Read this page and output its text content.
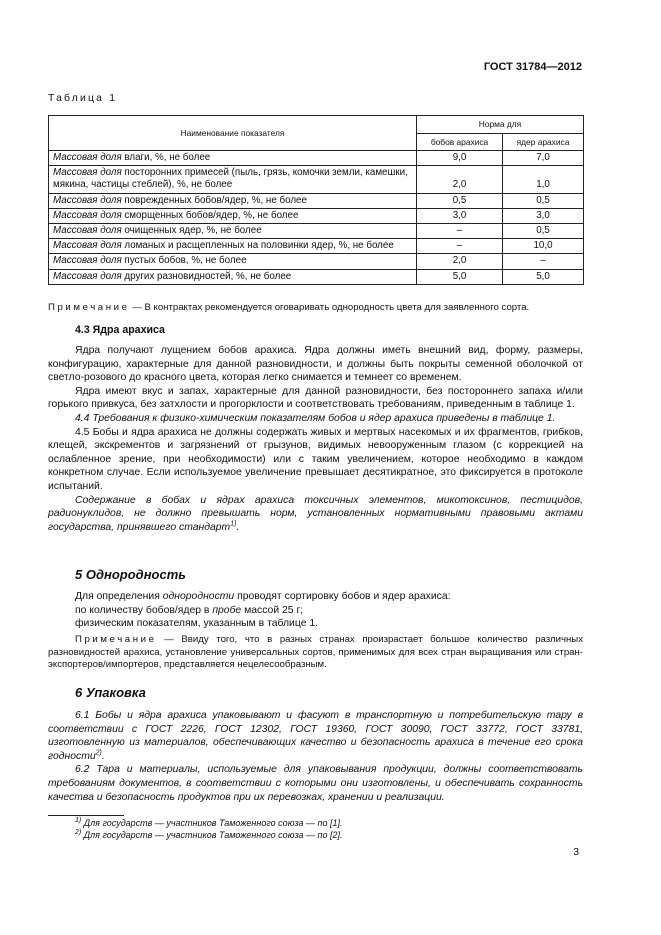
ГОСТ 31784—2012
Таблица 1
Наименование показателя	Норма для	
	бобов арахиса	ядер арахиса
Массовая доля влаги, %, не более	9,0	7,0
Массовая доля посторонних примесей (пыль, грязь, комочки земли, камешки, мякина, частицы стеблей), %, не более	2,0	1,0
Массовая доля поврежденных бобов/ядер, %, не более	0,5	0,5
Массовая доля сморщенных бобов/ядер, %, не более	3,0	3,0
Массовая доля очищенных ядер, %, не более	–	0,5
Массовая доля ломаных и расщепленных на половинки ядер, %, не более	–	10,0
Массовая доля пустых бобов, %, не более	2,0	–
Массовая доля других разновидностей, %, не более	5,0	5,0
Примечание — В контрактах рекомендуется оговаривать однородность цвета для заявленного сорта.
4.3 Ядра арахиса

Ядра получают лущением бобов арахиса. Ядра должны иметь внешний вид, форму, размеры, конфигурацию, характерные для данной разновидности, и должны быть покрыты семенной оболочкой от светло-розового до красного цвета, которая легко снимается и темнеет со временем.

Ядра имеют вкус и запах, характерные для данной разновидности, без постороннего запаха и/или горького привкуса, без затхлости и прогорклости и соответствовать требованиям, приведенным в таблице 1.

4.4 Требования к физико-химическим показателям бобов и ядер арахиса приведены в таблице 1.

4.5 Бобы и ядра арахиса не должны содержать живых и мертвых насекомых и их фрагментов, грибков, клещей, экскрементов и загрязнений от грызунов, видимых невооруженным глазом (с коррекцией на ослабленное зрение, при необходимости) или с таким увеличением, которое необходимо в каждом конкретном случае. Если используемое увеличение превышает десятикратное, это фиксируется в протоколе испытаний.

Содержание в бобах и ядрах арахиса токсичных элементов, микотоксинов, пестицидов, радионуклидов, не должно превышать норм, установленных нормативными правовыми актами государства, принявшего стандарт$^{1)}$.

5 Однородность

Для определения однородности проводят сортировку бобов и ядер арахиса:

по количеству бобов/ядер в пробе массой 25 г;

физическим показателям, указанным в таблице 1.

Примечание — Ввиду того, что в разных странах произрастает большое количество различных разновидностей арахиса, установление универсальных сортов, применимых для всех стран выращивания или стран-экспортеров/импортеров, представляется нецелесообразным.

6 Упаковка

6.1 Бобы и ядра арахиса упаковывают и фасуют в транспортную и потребительскую тару в соответствии с ГОСТ 2226, ГОСТ 12302, ГОСТ 19360, ГОСТ 30090, ГОСТ 33772, ГОСТ 33781, изготовленную из материалов, обеспечивающих качество и безопасность арахиса в течение его срока годности$^{2)}$.

6.2 Тара и материалы, используемые для упаковывания продукции, должны соответствовать требованиям документов, в соответствии с которыми они изготовлены, и обеспечивать сохранность качества и безопасность продуктов при их перевозках, хранении и реализации.

$^{1)}$ Для государств — участников Таможенного союза — по [1].
$^{2)}$ Для государств — участников Таможенного союза — по [2].
3
